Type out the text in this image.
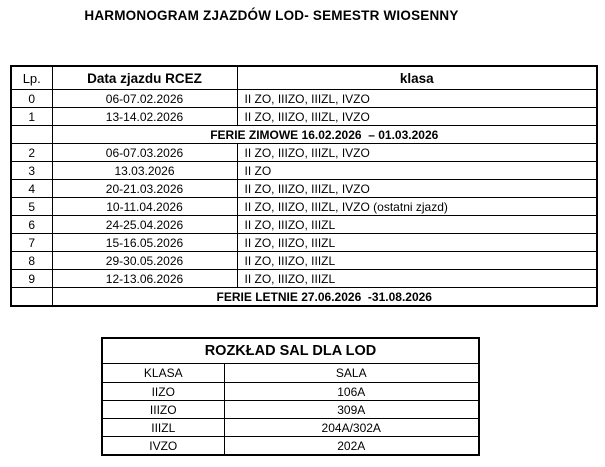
HARMONOGRAM ZJAZDÓW LOD- SEMESTR WIOSENNY
Lp.	Data zjazdu RCEZ	klasa
0	06-07.02.2026	II ZO, IIIZO, IIIZL, IVZO
1	13-14.02.2026	II ZO, IIIZO, IIIZL, IVZO
	FERIE ZIMOWE 16.02.2026  – 01.03.2026	
2	06-07.03.2026	II ZO, IIIZO, IIIZL, IVZO
3	13.03.2026	II ZO
4	20-21.03.2026	II ZO, IIIZO, IIIZL, IVZO
5	10-11.04.2026	II ZO, IIIZO, IIIZL, IVZO (ostatni zjazd)
6	24-25.04.2026	II ZO, IIIZO, IIIZL
7	15-16.05.2026	II ZO, IIIZO, IIIZL
8	29-30.05.2026	II ZO, IIIZO, IIIZL
9	12-13.06.2026	II ZO, IIIZO, IIIZL
	FERIE LETNIE 27.06.2026  -31.08.2026	
ROZKŁAD SAL DLA LOD	
KLASA	SALA
IIZO	106A
IIIZO	309A
IIIZL	204A/302A
IVZO	202A
